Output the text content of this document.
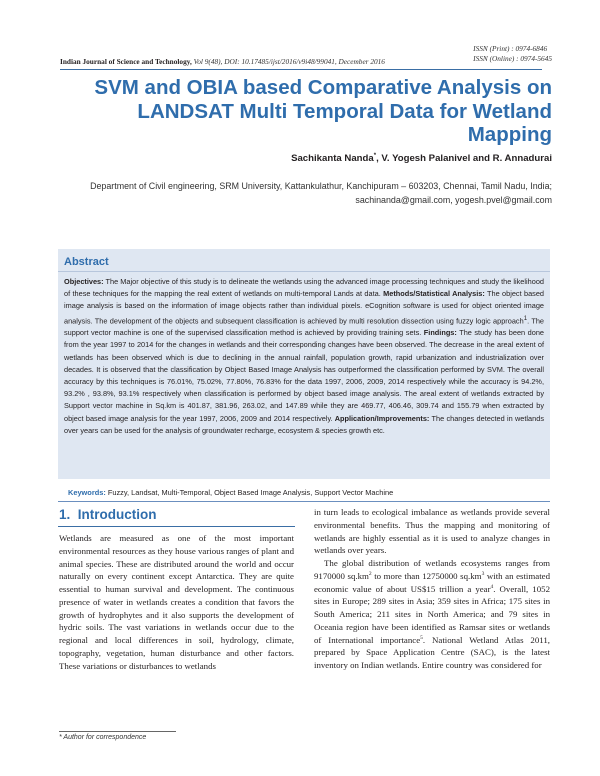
ISSN (Print) : 0974-6846
ISSN (Online) : 0974-5645
Indian Journal of Science and Technology, Vol 9(48), DOI: 10.17485/ijst/2016/v9i48/99041, December 2016
SVM and OBIA based Comparative Analysis on LANDSAT Multi Temporal Data for Wetland Mapping
Sachikanta Nanda*, V. Yogesh Palanivel and R. Annadurai
Department of Civil engineering, SRM University, Kattankulathur, Kanchipuram – 603203, Chennai, Tamil Nadu, India; sachinanda@gmail.com, yogesh.pvel@gmail.com
Abstract
Objectives: The Major objective of this study is to delineate the wetlands using the advanced image processing techniques and study the likelihood of these techniques for the mapping the real extent of wetlands on multi-temporal Lands at data. Methods/Statistical Analysis: The object based image analysis is based on the information of image objects rather than individual pixels. eCognition software is used for object oriented image analysis. The development of the objects and subsequent classification is achieved by multi resolution dissection using fuzzy logic approach$^1$. The support vector machine is one of the supervised classification method is achieved by providing training sets. Findings: The study has been done from the year 1997 to 2014 for the changes in wetlands and their corresponding changes have been observed. The decrease in the areal extent of wetlands has been observed which is due to declining in the annual rainfall, population growth, rapid urbanization and industrialization over decades. It is observed that the classification by Object Based Image Analysis has outperformed the classification performed by SVM. The overall accuracy by this techniques is 76.01%, 75.02%, 77.80%, 76.83% for the data 1997, 2006, 2009, 2014 respectively while the accuracy is 94.2%, 93.2% , 93.8%, 93.1% respectively when classification is performed by object based image analysis. The areal extent of wetlands extracted by Support vector machine in Sq.km is 401.87, 381.96, 263.02, and 147.89 while they are 469.77, 406.46, 309.74 and 155.79 when extracted by object based image analysis for the year 1997, 2006, 2009 and 2014 respectively. Application/Improvements: The changes detected in wetlands over years can be used for the analysis of groundwater recharge, ecosystem & species growth etc.
Keywords: Fuzzy, Landsat, Multi-Temporal, Object Based Image Analysis, Support Vector Machine
1. Introduction

Wetlands are measured as one of the most important environmental resources as they house various ranges of plant and animal species. These are distributed around the world and occur naturally on every continent except Antarctica. They are quite essential to human survival and development. The continuous presence of water in wetlands creates a condition that favors the growth of hydrophytes and it also supports the development of hydric soils. The vast variations in wetlands occur due to the regional and local differences in soil, hydrology, climate, topography, vegetation, human disturbance and other factors. These variations or disturbances to wetlands

in turn leads to ecological imbalance as wetlands provide several environmental benefits. Thus the mapping and monitoring of wetlands are highly essential as it is used to analyze changes in wetlands over years.

The global distribution of wetlands ecosystems ranges from 9170000 $sq.km^2$ to more than 12750000 $sq.km^3$ with an estimated economic value of about US$15 trillion a year$^4$. Overall, 1052 sites in Europe; 289 sites in Asia; 359 sites in Africa; 175 sites in South America; 211 sites in North America; and 79 sites in Oceania region have been identified as Ramsar sites or wetlands of International importance$^5$. National Wetland Atlas 2011, prepared by Space Application Centre (SAC), is the latest inventory on Indian wetlands. Entire country was considered for

* Author for correspondence
